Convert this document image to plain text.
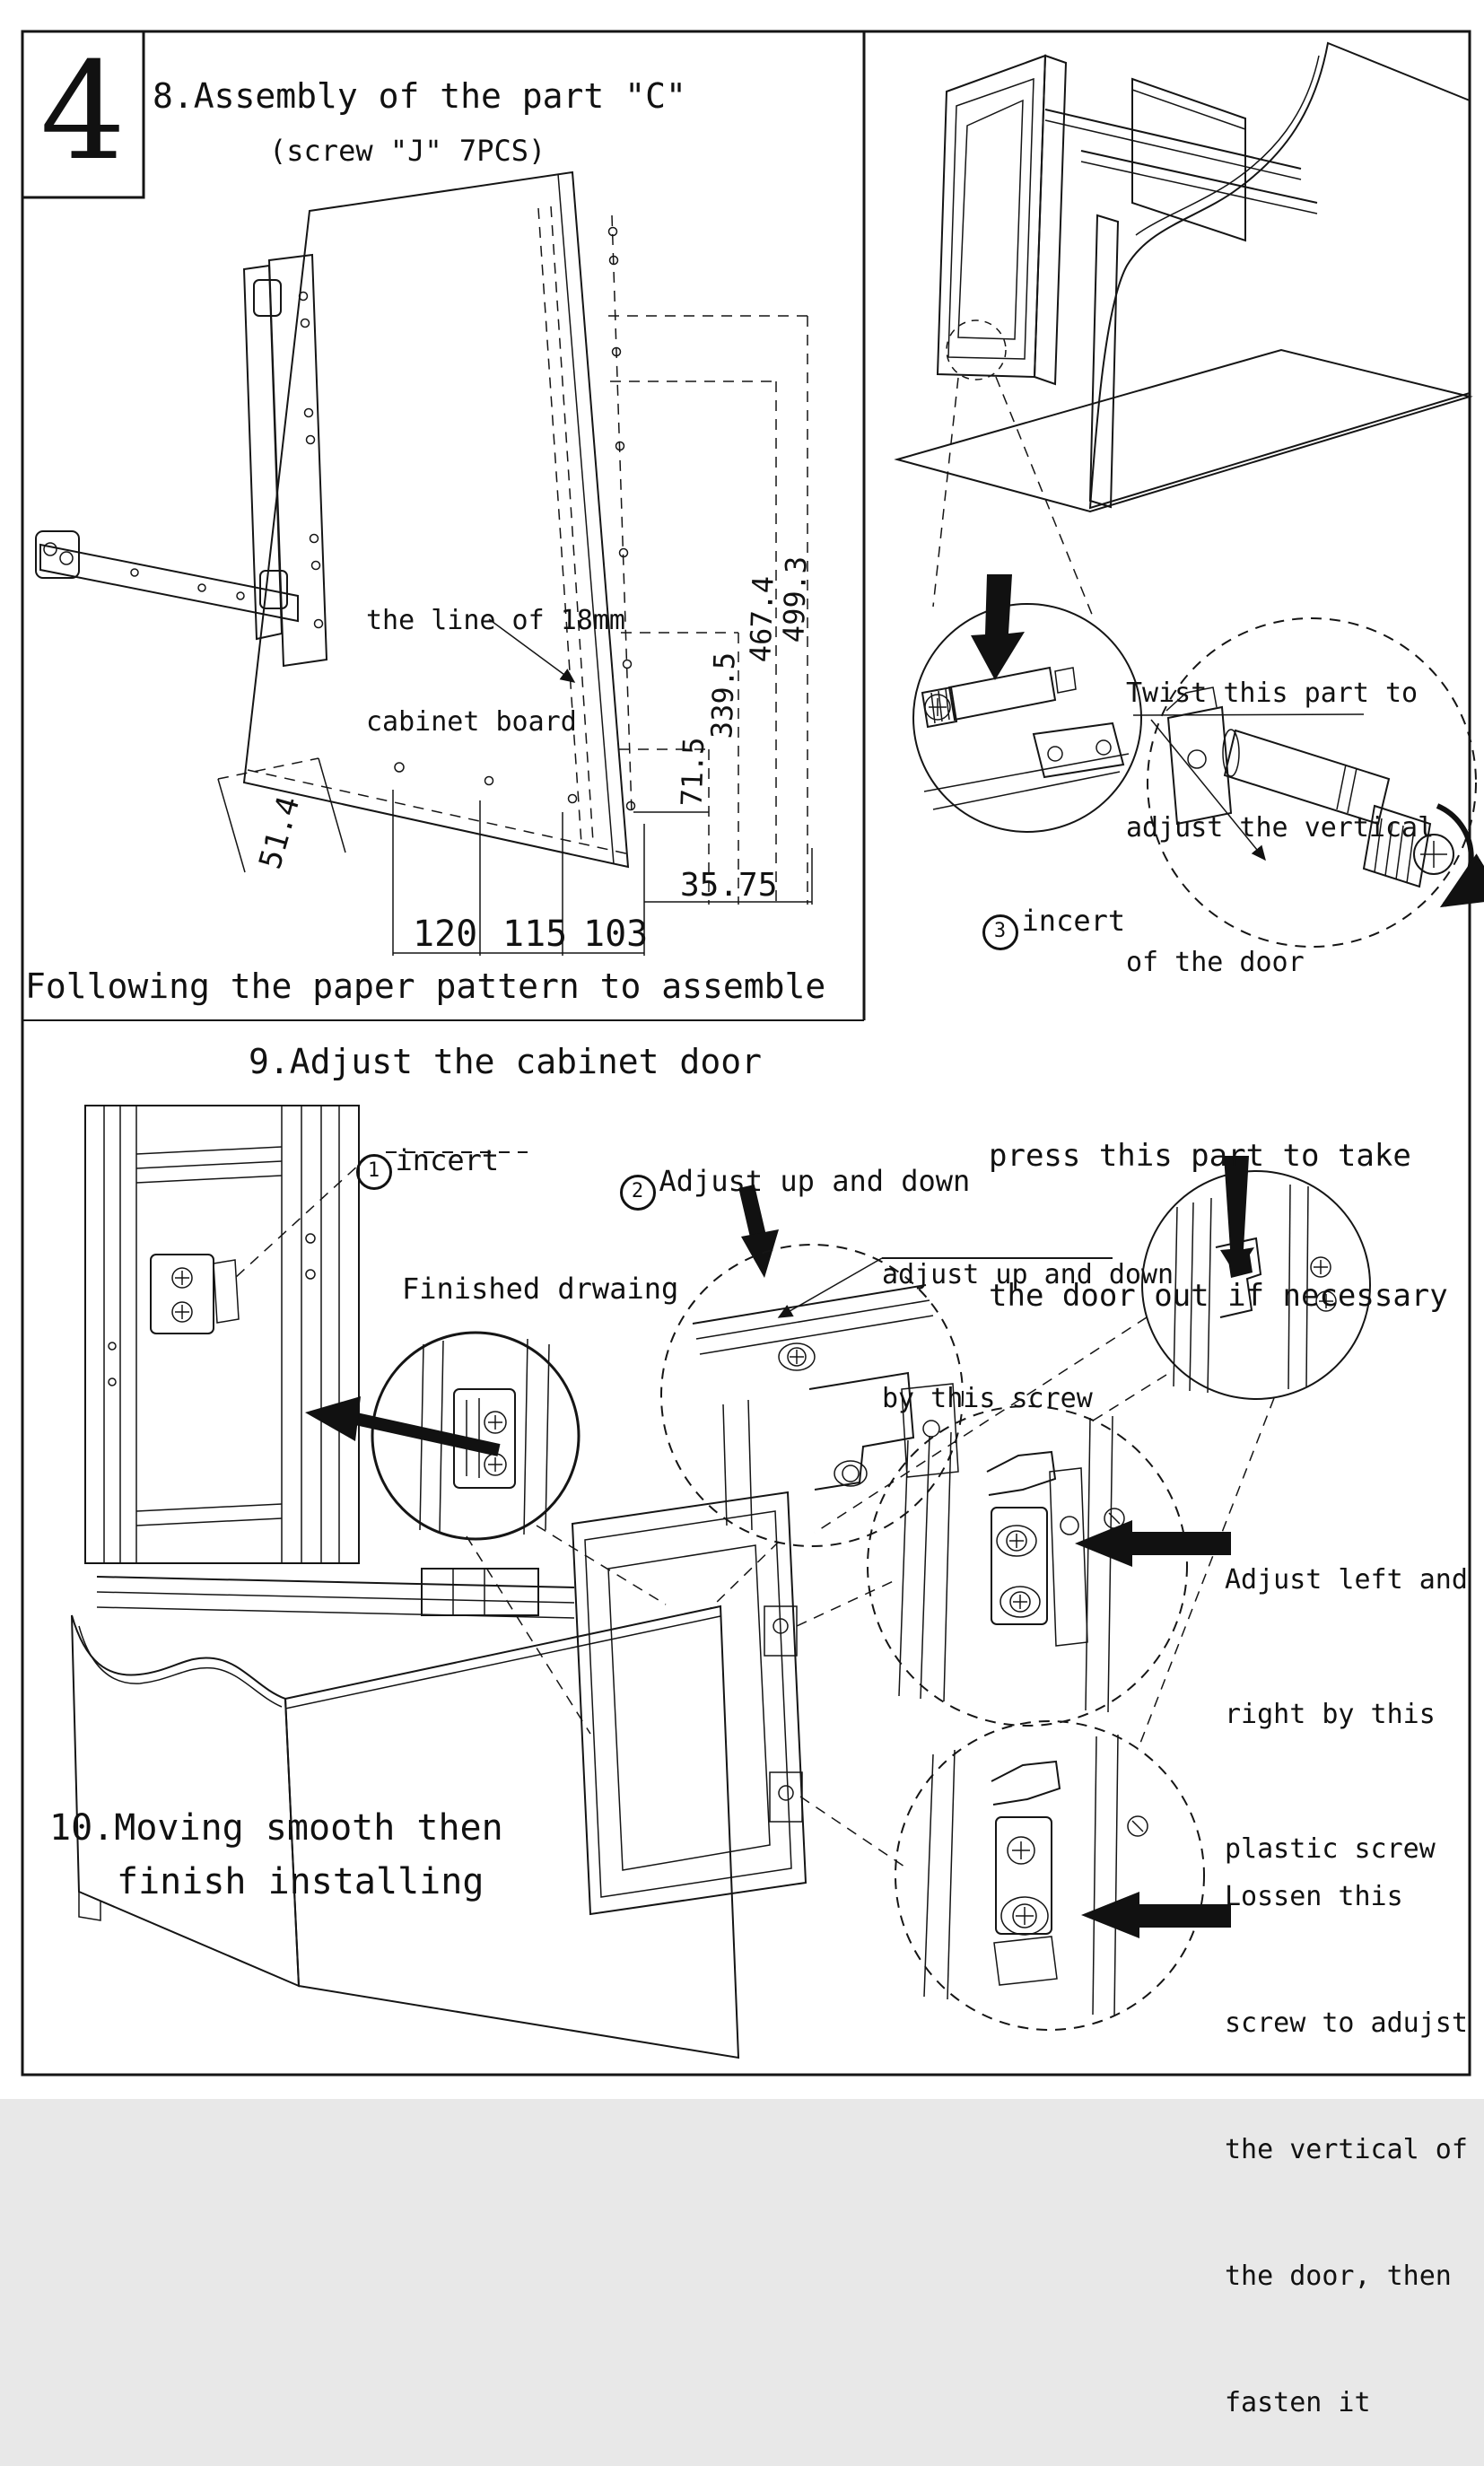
4 8.Assembly of the part "C"
(screw "J" 7PCS)

the line of 18mm

cabinet board

Following the paper pattern to assemble
120 115 103
35.75
71.5
339.5
467.4
499.3
51.4
9.Adjust the cabinet door

1 incert

2 Adjust up and down

3 incert

adjust up and down

by this screw

Finished drwaing

Twist this part to

adjust the vertical

of the door

press this part to take

the door out if necessary

Adjust left and

right by this

plastic screw

Lossen this

screw to adujst

the vertical of

the door, then

fasten it

10.Moving smooth then
finish installing
